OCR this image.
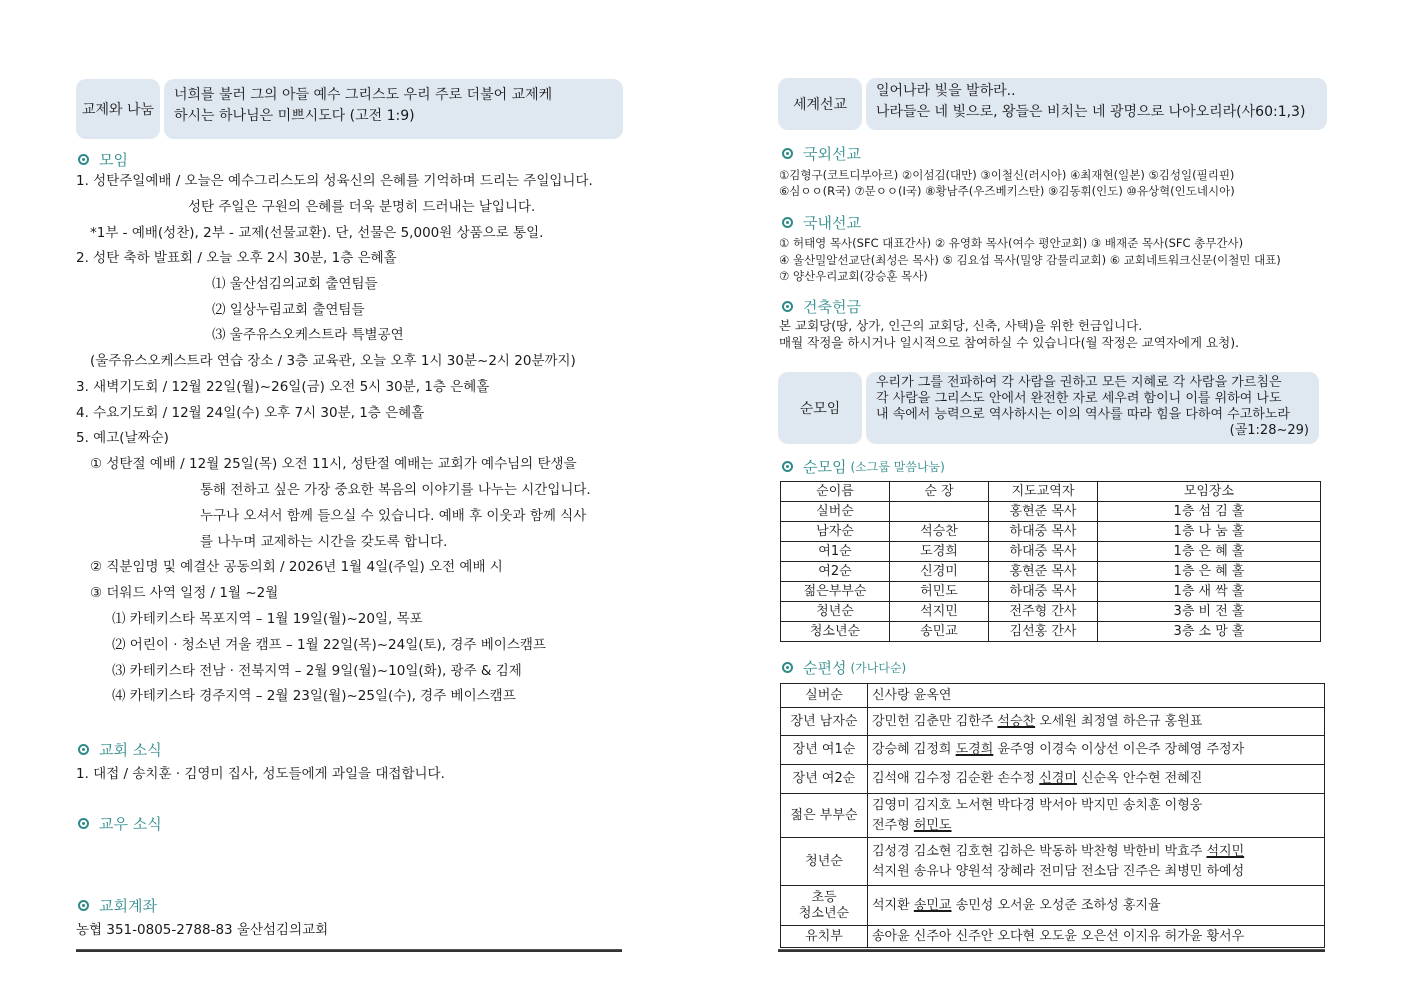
교제와 나눔
너희를 불러 그의 아들 예수 그리스도 우리 주로 더불어 교제케
하시는 하나님은 미쁘시도다 (고전 1:9)
모임
1. 성탄주일예배 / 오늘은 예수그리스도의 성육신의 은혜를 기억하며 드리는 주일입니다.
성탄 주일은 구원의 은혜를 더욱 분명히 드러내는 날입니다.
*1부 - 예배(성찬), 2부 - 교제(선물교환). 단, 선물은 5,000원 상품으로 통일.
2. 성탄 축하 발표회 / 오늘 오후 2시 30분, 1층 은혜홀
⑴ 울산섬김의교회 출연팀들
⑵ 일상누림교회 출연팀들
⑶ 울주유스오케스트라 특별공연
(울주유스오케스트라 연습 장소 / 3층 교육관, 오늘 오후 1시 30분~2시 20분까지)
3. 새벽기도회 / 12월 22일(월)~26일(금) 오전 5시 30분, 1층 은혜홀
4. 수요기도회 / 12월 24일(수) 오후 7시 30분, 1층 은혜홀
5. 예고(날짜순)
① 성탄절 예배 / 12월 25일(목) 오전 11시, 성탄절 예배는 교회가 예수님의 탄생을
통해 전하고 싶은 가장 중요한 복음의 이야기를 나누는 시간입니다.
누구나 오셔서 함께 들으실 수 있습니다. 예배 후 이웃과 함께 식사
를 나누며 교제하는 시간을 갖도록 합니다.
② 직분임명 및 예결산 공동의회 / 2026년 1월 4일(주일) 오전 예배 시
③ 더워드 사역 일정 / 1월 ~2월
⑴ 카테키스타 목포지역 – 1월 19일(월)~20일, 목포
⑵ 어린이 · 청소년 겨울 캠프 – 1월 22일(목)~24일(토), 경주 베이스캠프
⑶ 카테키스타 전남 · 전북지역 – 2월 9일(월)~10일(화), 광주 & 김제
⑷ 카테키스타 경주지역 – 2월 23일(월)~25일(수), 경주 베이스캠프
교회 소식
1. 대접 / 송치훈 · 김영미 집사, 성도들에게 과일을 대접합니다.
교우 소식
교회계좌
농협 351-0805-2788-83 울산섬김의교회
세계선교
일어나라 빛을 발하라..
나라들은 네 빛으로, 왕들은 비치는 네 광명으로 나아오리라(사60:1,3)
국외선교
①김형구(코트디부아르) ②이섬김(대만) ③이철신(러시아) ④최재현(일본) ⑤김성일(필리핀)
⑥심ㅇㅇ(R국) ⑦문ㅇㅇ(I국) ⑧황남주(우즈베키스탄) ⑨김동휘(인도) ⑩유상혁(인도네시아)
국내선교
① 허태영 목사(SFC 대표간사) ② 유영화 목사(여수 평안교회) ③ 배재준 목사(SFC 총무간사)
④ 울산밀알선교단(최성은 목사) ⑤ 김요섭 목사(밀양 감물리교회) ⑥ 교회네트워크신문(이철민 대표)
⑦ 양산우리교회(강승훈 목사)
건축헌금
본 교회당(땅, 상가, 인근의 교회당, 신축, 사택)을 위한 헌금입니다.
매월 작정을 하시거나 일시적으로 참여하실 수 있습니다(월 작정은 교역자에게 요청).
순모임
우리가 그를 전파하여 각 사람을 권하고 모든 지혜로 각 사람을 가르침은
각 사람을 그리스도 안에서 완전한 자로 세우려 함이니 이를 위하여 나도
내 속에서 능력으로 역사하시는 이의 역사를 따라 힘을 다하여 수고하노라
(골1:28~29)
순모임 (소그룹 말씀나눔)
순이름	순 장	지도교역자	모임장소
실버순		홍현준 목사	1층 섬 김 홀
남자순	석승찬	하대중 목사	1층 나 눔 홀
여1순	도경희	하대중 목사	1층 은 혜 홀
여2순	신경미	홍현준 목사	1층 은 혜 홀
젊은부부순	허민도	하대중 목사	1층 새 싹 홀
청년순	석지민	전주형 간사	3층 비 전 홀
청소년순	송민교	김선홍 간사	3층 소 망 홀
순편성 (가나다순)
실버순	신사랑 윤옥연
장년 남자순	강민헌 김춘만 김한주 석승찬 오세원 최정열 하은규 홍원표
장년 여1순	강승혜 김정희 도경희 윤주영 이경숙 이상선 이은주 장혜영 주정자
장년 여2순	김석애 김수정 김순환 손수정 신경미 신순옥 안수현 전혜진
젊은 부부순	김영미 김지호 노서현 박다경 박서아 박지민 송치훈 이형웅
전주형 허민도

청년순	김성경 김소현 김호현 김하은 박동하 박찬형 박한비 박효주 석지민
석지원 송유나 양원석 장혜라 전미담 전소담 진주은 최병민 하예성

초등
청소년순	석지환 송민교 송민성 오서윤 오성준 조하성 홍지율
유치부	송아윤 신주아 신주안 오다현 오도윤 오은선 이지유 허가윤 황서우
